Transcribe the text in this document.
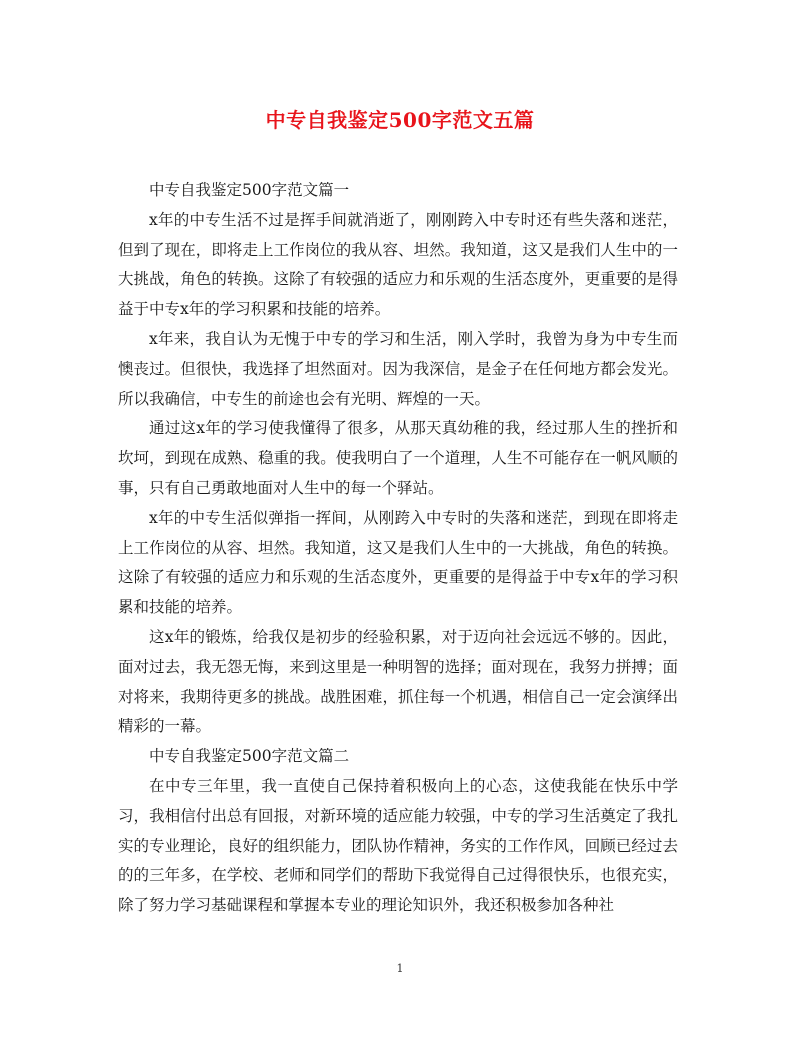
中专自我鉴定500字范文五篇

中专自我鉴定500字范文篇一

x年的中专生活不过是挥手间就消逝了，刚刚跨入中专时还有些失落和迷茫，但到了现在，即将走上工作岗位的我从容、坦然。我知道，这又是我们人生中的一大挑战，角色的转换。这除了有较强的适应力和乐观的生活态度外，更重要的是得益于中专x年的学习积累和技能的培养。

x年来，我自认为无愧于中专的学习和生活，刚入学时，我曾为身为中专生而懊丧过。但很快，我选择了坦然面对。因为我深信，是金子在任何地方都会发光。所以我确信，中专生的前途也会有光明、辉煌的一天。

通过这x年的学习使我懂得了很多，从那天真幼稚的我，经过那人生的挫折和坎坷，到现在成熟、稳重的我。使我明白了一个道理，人生不可能存在一帆风顺的事，只有自己勇敢地面对人生中的每一个驿站。

x年的中专生活似弹指一挥间，从刚跨入中专时的失落和迷茫，到现在即将走上工作岗位的从容、坦然。我知道，这又是我们人生中的一大挑战，角色的转换。这除了有较强的适应力和乐观的生活态度外，更重要的是得益于中专x年的学习积累和技能的培养。

这x年的锻炼，给我仅是初步的经验积累，对于迈向社会远远不够的。因此，面对过去，我无怨无悔，来到这里是一种明智的选择；面对现在，我努力拼搏；面对将来，我期待更多的挑战。战胜困难，抓住每一个机遇，相信自己一定会演绎出精彩的一幕。

中专自我鉴定500字范文篇二

在中专三年里，我一直使自己保持着积极向上的心态，这使我能在快乐中学习，我相信付出总有回报，对新环境的适应能力较强，中专的学习生活奠定了我扎实的专业理论，良好的组织能力，团队协作精神，务实的工作作风，回顾已经过去的的三年多，在学校、老师和同学们的帮助下我觉得自己过得很快乐，也很充实，除了努力学习基础课程和掌握本专业的理论知识外，我还积极参加各种社

1
